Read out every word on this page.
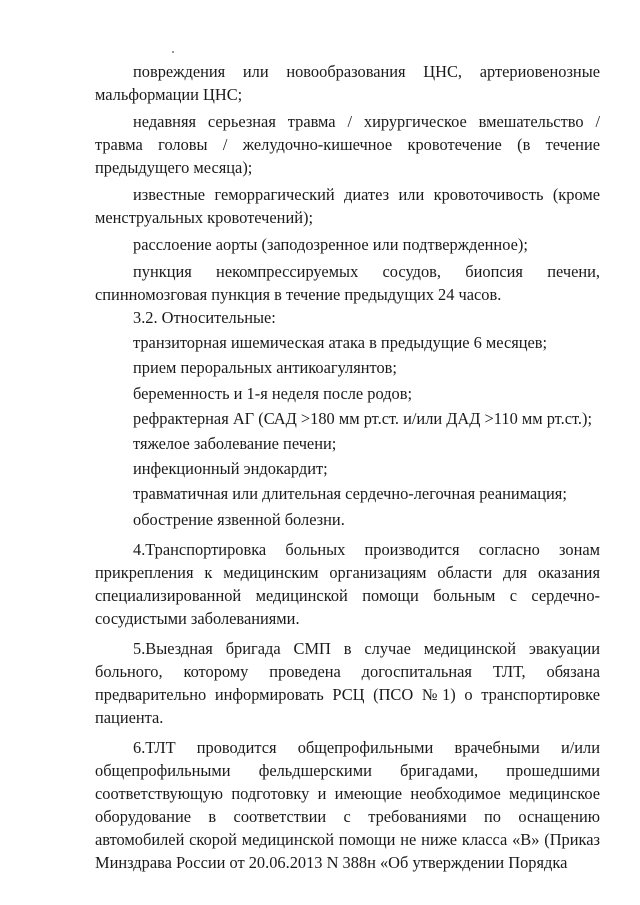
повреждения или новообразования ЦНС, артериовенозные мальформации ЦНС;

недавняя серьезная травма / хирургическое вмешательство / травма головы / желудочно-кишечное кровотечение (в течение предыдущего месяца);

известные геморрагический диатез или кровоточивость (кроме менструальных кровотечений);

расслоение аорты (заподозренное или подтвержденное);

пункция некомпрессируемых сосудов, биопсия печени, спинномозговая пункция в течение предыдущих 24 часов.

3.2. Относительные:

транзиторная ишемическая атака в предыдущие 6 месяцев;

прием пероральных антикоагулянтов;

беременность и 1-я неделя после родов;

рефрактерная АГ (САД >180 мм рт.ст. и/или ДАД >110 мм рт.ст.);

тяжелое заболевание печени;

инфекционный эндокардит;

травматичная или длительная сердечно-легочная реанимация;

обострение язвенной болезни.

4.Транспортировка больных производится согласно зонам прикрепления к медицинским организациям области для оказания специализированной медицинской помощи больным с сердечно-сосудистыми заболеваниями.

5.Выездная бригада СМП в случае медицинской эвакуации больного, которому проведена догоспитальная ТЛТ, обязана предварительно информировать РСЦ (ПСО №1) о транспортировке пациента.

6.ТЛТ проводится общепрофильными врачебными и/или общепрофильными фельдшерскими бригадами, прошедшими соответствующую подготовку и имеющие необходимое медицинское оборудование в соответствии с требованиями по оснащению автомобилей скорой медицинской помощи не ниже класса «В» (Приказ Минздрава России от 20.06.2013 N 388н «Об утверждении Порядка
